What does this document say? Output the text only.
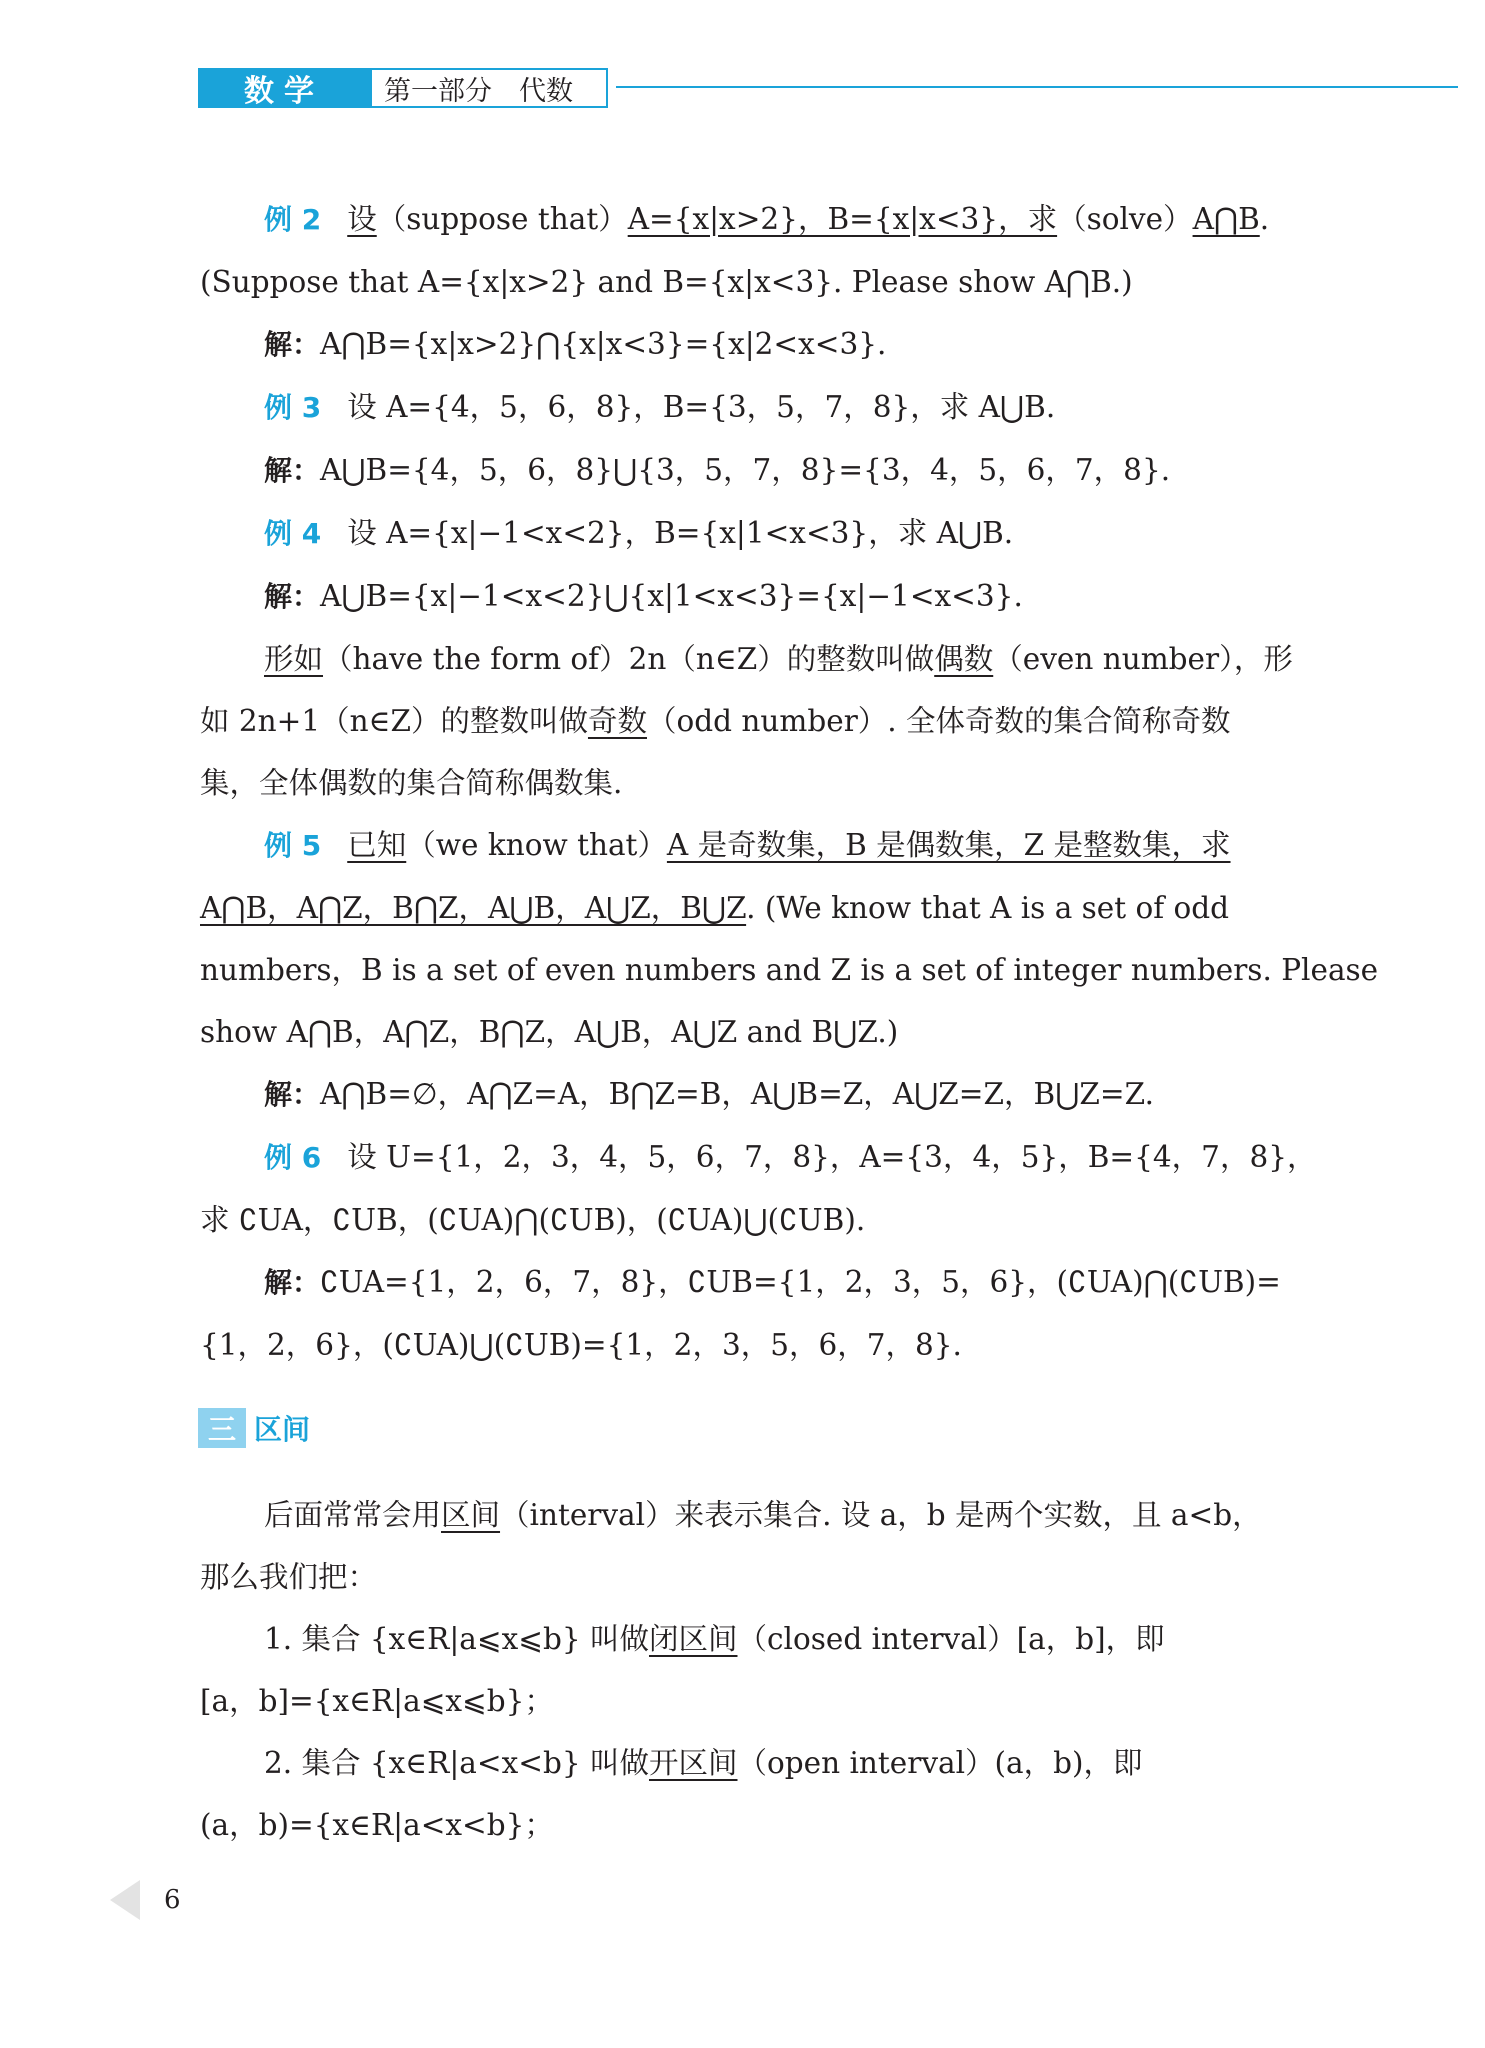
数学	第一部分　代数

例 2 设（suppose that）A={x|x>2}，B={x|x<3}，求（solve）A⋂B.

(Suppose that A={x|x>2} and B={x|x<3}. Please show A⋂B.)

解：A⋂B={x|x>2}⋂{x|x<3}={x|2<x<3}.

例 3 设 A={4，5，6，8}，B={3，5，7，8}，求 A⋃B.

解：A⋃B={4，5，6，8}⋃{3，5，7，8}={3，4，5，6，7，8}.

例 4 设 A={x|−1<x<2}，B={x|1<x<3}，求 A⋃B.

解：A⋃B={x|−1<x<2}⋃{x|1<x<3}={x|−1<x<3}.

形如（have the form of）2n（n∈Z）的整数叫做偶数（even number），形

如 2n+1（n∈Z）的整数叫做奇数（odd number）. 全体奇数的集合简称奇数

集，全体偶数的集合简称偶数集.

例 5 已知（we know that）A 是奇数集，B 是偶数集，Z 是整数集，求

A⋂B，A⋂Z，B⋂Z，A⋃B，A⋃Z，B⋃Z. (We know that A is a set of odd

numbers，B is a set of even numbers and Z is a set of integer numbers. Please

show A⋂B，A⋂Z，B⋂Z，A⋃B，A⋃Z and B⋃Z.)

解：A⋂B=∅，A⋂Z=A，B⋂Z=B，A⋃B=Z，A⋃Z=Z，B⋃Z=Z.

例 6 设 U={1，2，3，4，5，6，7，8}，A={3，4，5}，B={4，7，8}，

求 ∁UA，∁UB，(∁UA)⋂(∁UB)，(∁UA)⋃(∁UB).

解：∁UA={1，2，6，7，8}，∁UB={1，2，3，5，6}，(∁UA)⋂(∁UB)=

{1，2，6}，(∁UA)⋃(∁UB)={1，2，3，5，6，7，8}.

三 区间

后面常常会用区间（interval）来表示集合. 设 a，b 是两个实数，且 a<b，

那么我们把：

1. 集合 {x∈R|a⩽x⩽b} 叫做闭区间（closed interval）[a，b]，即

[a，b]={x∈R|a⩽x⩽b}；

2. 集合 {x∈R|a<x<b} 叫做开区间（open interval）(a，b)，即

(a，b)={x∈R|a<x<b}；

6
